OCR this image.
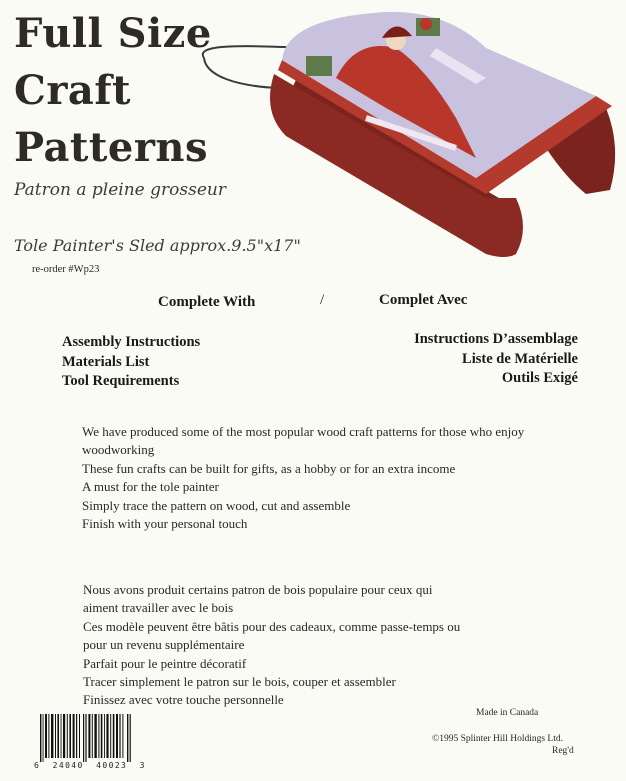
Full Size
Craft
Patterns
Patron a pleine grosseur
Tole Painter's Sled approx.9.5"x17"
re-order #Wp23
Complete With	/	Complet Avec
Assembly Instructions
Materials List
Tool Requirements
Instructions D’assemblage
Liste de Matérielle
Outils Exigé
We have produced some of the most popular wood craft patterns for those who enjoy
woodworking
These fun crafts can be built for gifts, as a hobby or for an extra income
A must for the tole painter
Simply trace the pattern on wood, cut and assemble
Finish with your personal touch
Nous avons produit certains patron de bois populaire pour ceux qui
aiment travailler avec le bois
Ces modèle peuvent être bâtis pour des cadeaux, comme passe-temps ou
pour un revenu supplémentaire
Parfait pour le peintre décoratif
Tracer simplement le patron sur le bois, couper et assembler
Finissez avec votre touche personnelle
Made in Canada
©1995 Splinter Hill Holdings Ltd.
Reg'd
6  24040  40023  3
